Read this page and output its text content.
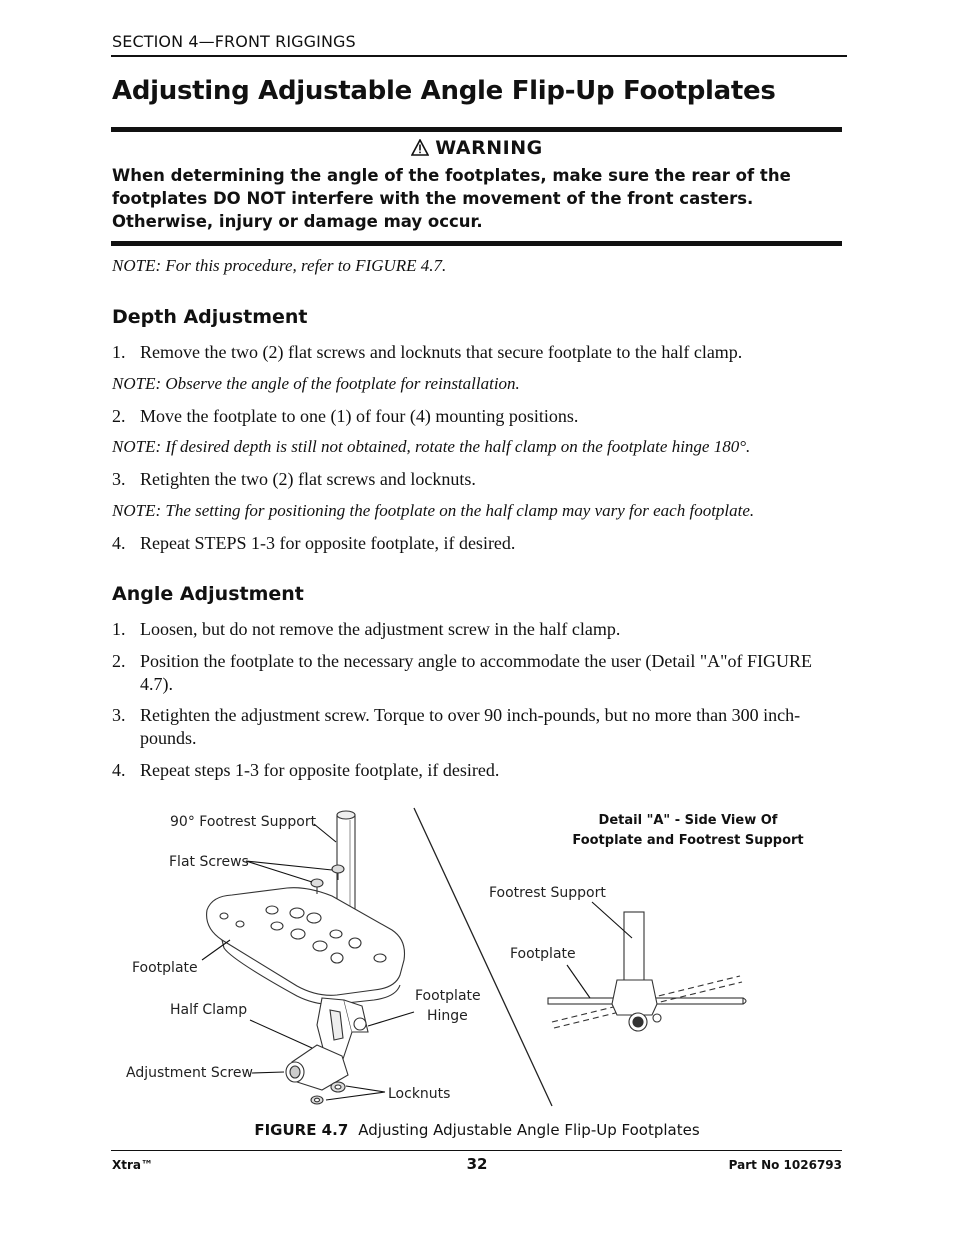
SECTION 4—FRONT RIGGINGS
Adjusting Adjustable Angle Flip-Up Footplates
WARNING
When determining the angle of the footplates, make sure the rear of the footplates DO NOT interfere with the movement of the front casters. Otherwise, injury or damage may occur.
NOTE: For this procedure, refer to FIGURE 4.7.
Depth Adjustment
1. Remove the two (2) flat screws and locknuts that secure footplate to the half clamp.
NOTE: Observe the angle of the footplate for reinstallation.
2. Move the footplate to one (1) of four (4) mounting positions.
NOTE: If desired depth is still not obtained, rotate the half clamp on the footplate hinge 180°.
3. Retighten the two (2) flat screws and locknuts.
NOTE: The setting for positioning the footplate on the half clamp may vary for each footplate.
4. Repeat STEPS 1-3 for opposite footplate, if desired.
Angle Adjustment
1. Loosen, but do not remove the adjustment screw in the half clamp.
2. Position the footplate to the necessary angle to accommodate the user (Detail "A"of FIGURE 4.7).
3. Retighten the adjustment screw. Torque to over 90 inch-pounds, but no more than 300 inch-pounds.
4. Repeat steps 1-3 for opposite footplate, if desired.
90° Footrest Support
Flat Screws
Footplate
Half Clamp
Adjustment Screw
Footplate
Hinge
Locknuts
Detail "A" - Side View Of
Footplate and Footrest Support
Footrest Support
Footplate
FIGURE 4.7 Adjusting Adjustable Angle Flip-Up Footplates
Xtra™	32	Part No 1026793
